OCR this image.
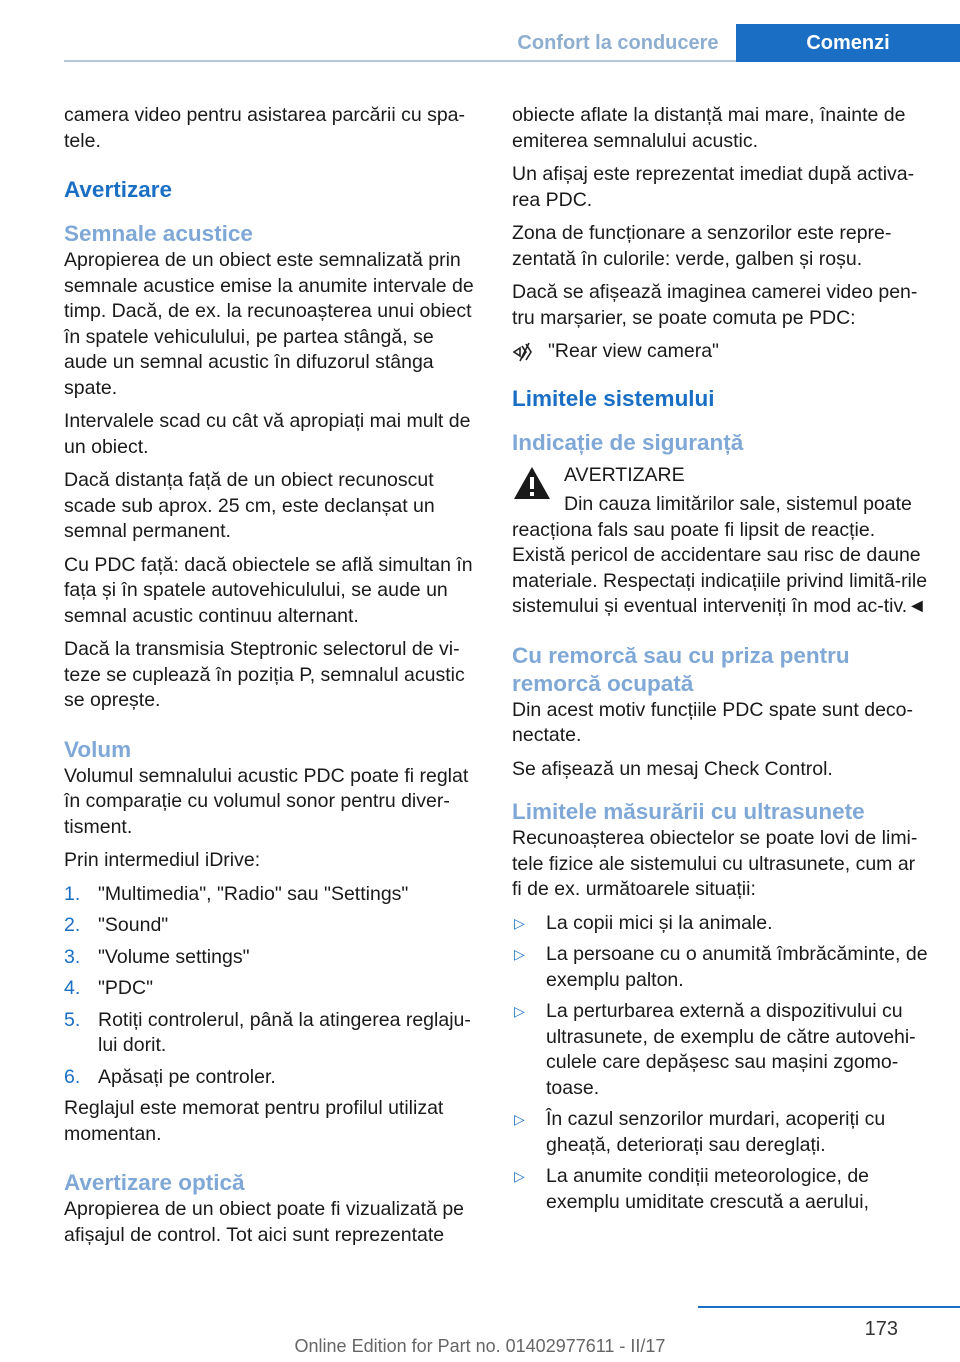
Confort la conducere	Comenzi

camera video pentru asistarea parcării cu spa‐tele.

Avertizare
Semnale acustice

Apropierea de un obiect este semnalizată prin semnale acustice emise la anumite intervale de timp. Dacă, de ex. la recunoașterea unui obiect în spatele vehiculului, pe partea stângă, se aude un semnal acustic în difuzorul stânga spate.

Intervalele scad cu cât vă apropiați mai mult de un obiect.

Dacă distanța față de un obiect recunoscut scade sub aprox. 25 cm, este declanșat un semnal permanent.

Cu PDC față: dacă obiectele se află simultan în fața și în spatele autovehiculului, se aude un semnal acustic continuu alternant.

Dacă la transmisia Steptronic selectorul de vi‐teze se cuplează în poziția P, semnalul acustic se oprește.

Volum

Volumul semnalului acustic PDC poate fi reglat în comparație cu volumul sonor pentru diver‐tisment.

Prin intermediul iDrive:

1. "Multimedia", "Radio" sau "Settings"
2. "Sound"
3. "Volume settings"
4. "PDC"
5. Rotiți controlerul, până la atingerea reglaju‐lui dorit.
6. Apăsați pe controler.

Reglajul este memorat pentru profilul utilizat momentan.

Avertizare optică

Apropierea de un obiect poate fi vizualizată pe afișajul de control. Tot aici sunt reprezentate

obiecte aflate la distanță mai mare, înainte de emiterea semnalului acustic.

Un afișaj este reprezentat imediat după activa‐rea PDC.

Zona de funcționare a senzorilor este repre‐zentată în culorile: verde, galben și roșu.

Dacă se afișează imaginea camerei video pen‐tru marșarier, se poate comuta pe PDC:

"Rear view camera"
Limitele sistemului
Indicație de siguranță

AVERTIZARE

Din cauza limitărilor sale, sistemul poate reacționa fals sau poate fi lipsit de reacție. Există pericol de accidentare sau risc de daune materiale. Respectați indicațiile privind limitã‐rile sistemului și eventual interveniți în mod ac‐tiv.◄

Cu remorcă sau cu priza pentru remorcă ocupată

Din acest motiv funcțiile PDC spate sunt deco‐nectate.

Se afișează un mesaj Check Control.

Limitele măsurării cu ultrasunete

Recunoașterea obiectelor se poate lovi de limi‐tele fizice ale sistemului cu ultrasunete, cum ar fi de ex. următoarele situații:

▷ La copii mici și la animale.
▷ La persoane cu o anumită îmbrăcăminte, de exemplu palton.
▷ La perturbarea externă a dispozitivului cu ultrasunete, de exemplu de către autovehi‐culele care depășesc sau mașini zgomo‐toase.
▷ În cazul senzorilor murdari, acoperiți cu gheață, deteriorați sau dereglați.
▷ La anumite condiții meteorologice, de exemplu umiditate crescută a aerului,
173
Online Edition for Part no. 01402977611 - II/17
